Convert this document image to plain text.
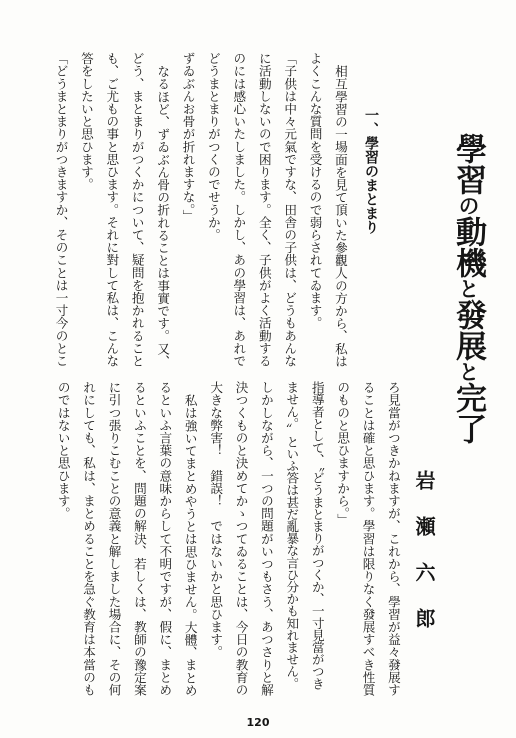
學習の動機と發展と完了
岩瀬六郎
一、學習のまとまり
相互學習の一場面を見て頂いた參觀人の方から、私は
よくこんな質問を受けるので弱らされてゐます。
「子供は中々元氣ですな、田舎の子供は、どうもあんな
に活動しないので困ります。全く、子供がよく活動する
のには感心いたしました。しかし、あの學習は、あれで
どうまとまりがつくのでせうか。
ずゐぶんお骨が折れますな。」
なるほど、ずゐぶん骨の折れることは事實です。又、
どう、まとまりがつくかについて、疑問を抱かれること
も、ご尤もの事と思ひます。それに對して私は、こんな
答をしたいと思ひます。
「どうまとまりがつきますか、そのことは一寸今のとこ
ろ見當がつきかねますが、これから、學習が益々發展す
ることは確と思ひます。學習は限りなく發展すべき性質
のものと思ひますから。」
指導者として、〝どうまとまりがつくか、一寸見當がつき
ません。〟といふ答は甚だ亂暴な言ひ分かも知れません。
しかしながら、一つの問題がいつもさう、あつさりと解
決つくものと決めてかゝつてゐることは、今日の教育の
大きな弊害！　錯誤！　ではないかと思ひます。
私は強いてまとめやうとは思ひません。大體、まとめ
るといふ言葉の意味からして不明ですが、假に、まとめ
るといふことを、問題の解決、若しくは、教師の豫定案
に引つ張りこむことの意義と解しました場合に、その何
れにしても、私は、まとめることを急ぐ教育は本當のも
のではないと思ひます。
120
